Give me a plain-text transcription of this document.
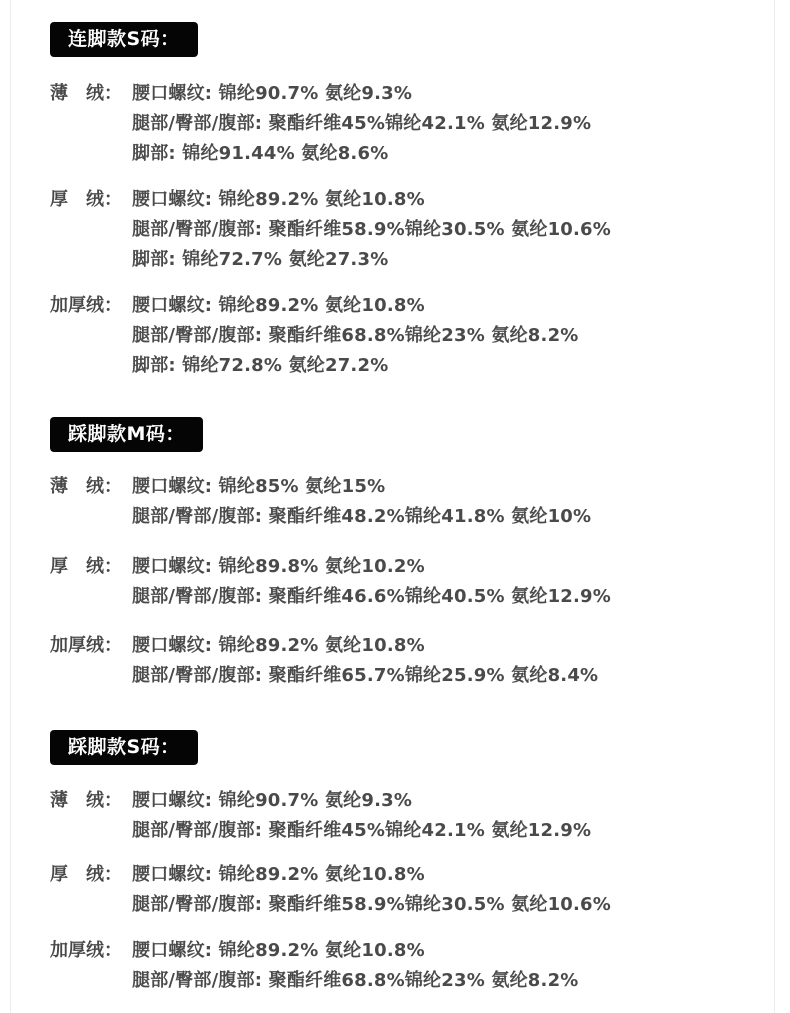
连脚款S码：
薄　绒： 腰口螺纹: 锦纶90.7% 氨纶9.3%
腿部/臀部/腹部: 聚酯纤维45%锦纶42.1% 氨纶12.9%
脚部: 锦纶91.44% 氨纶8.6%
厚　绒： 腰口螺纹: 锦纶89.2% 氨纶10.8%
腿部/臀部/腹部: 聚酯纤维58.9%锦纶30.5% 氨纶10.6%
脚部: 锦纶72.7% 氨纶27.3%
加厚绒： 腰口螺纹: 锦纶89.2% 氨纶10.8%
腿部/臀部/腹部: 聚酯纤维68.8%锦纶23% 氨纶8.2%
脚部: 锦纶72.8% 氨纶27.2%
踩脚款M码：
薄　绒： 腰口螺纹: 锦纶85% 氨纶15%
腿部/臀部/腹部: 聚酯纤维48.2%锦纶41.8% 氨纶10%
厚　绒： 腰口螺纹: 锦纶89.8% 氨纶10.2%
腿部/臀部/腹部: 聚酯纤维46.6%锦纶40.5% 氨纶12.9%
加厚绒： 腰口螺纹: 锦纶89.2% 氨纶10.8%
腿部/臀部/腹部: 聚酯纤维65.7%锦纶25.9% 氨纶8.4%
踩脚款S码：
薄　绒： 腰口螺纹: 锦纶90.7% 氨纶9.3%
腿部/臀部/腹部: 聚酯纤维45%锦纶42.1% 氨纶12.9%
厚　绒： 腰口螺纹: 锦纶89.2% 氨纶10.8%
腿部/臀部/腹部: 聚酯纤维58.9%锦纶30.5% 氨纶10.6%
加厚绒： 腰口螺纹: 锦纶89.2% 氨纶10.8%
腿部/臀部/腹部: 聚酯纤维68.8%锦纶23% 氨纶8.2%
